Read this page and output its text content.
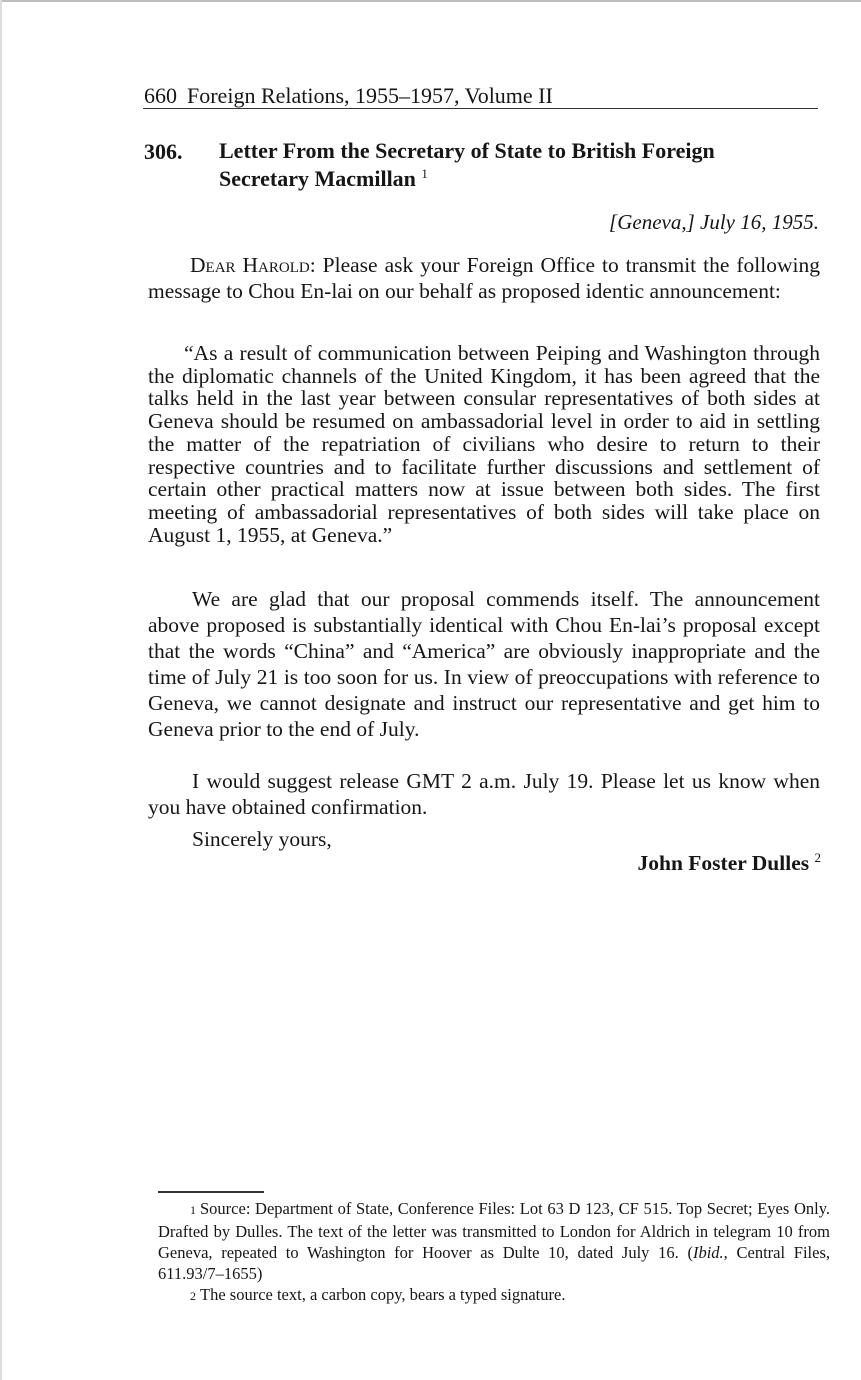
660 Foreign Relations, 1955–1957, Volume II
306. Letter From the Secretary of State to British Foreign Secretary Macmillan $^1$
[Geneva,] July 16, 1955.

Dear Harold: Please ask your Foreign Office to transmit the following message to Chou En-lai on our behalf as proposed identic announcement:

“As a result of communication between Peiping and Washington through the diplomatic channels of the United Kingdom, it has been agreed that the talks held in the last year between consular representatives of both sides at Geneva should be resumed on ambassadorial level in order to aid in settling the matter of the repatriation of civilians who desire to return to their respective countries and to facilitate further discussions and settlement of certain other practical matters now at issue between both sides. The first meeting of ambassadorial representatives of both sides will take place on August 1, 1955, at Geneva.”

We are glad that our proposal commends itself. The announcement above proposed is substantially identical with Chou En-lai’s proposal except that the words “China” and “America” are obviously inappropriate and the time of July 21 is too soon for us. In view of preoccupations with reference to Geneva, we cannot designate and instruct our representative and get him to Geneva prior to the end of July.

I would suggest release GMT 2 a.m. July 19. Please let us know when you have obtained confirmation.

Sincerely yours,
John Foster Dulles $^2$

1 Source: Department of State, Conference Files: Lot 63 D 123, CF 515. Top Secret; Eyes Only. Drafted by Dulles. The text of the letter was transmitted to London for Aldrich in telegram 10 from Geneva, repeated to Washington for Hoover as Dulte 10, dated July 16. (Ibid., Central Files, 611.93/7–1655)

2 The source text, a carbon copy, bears a typed signature.
